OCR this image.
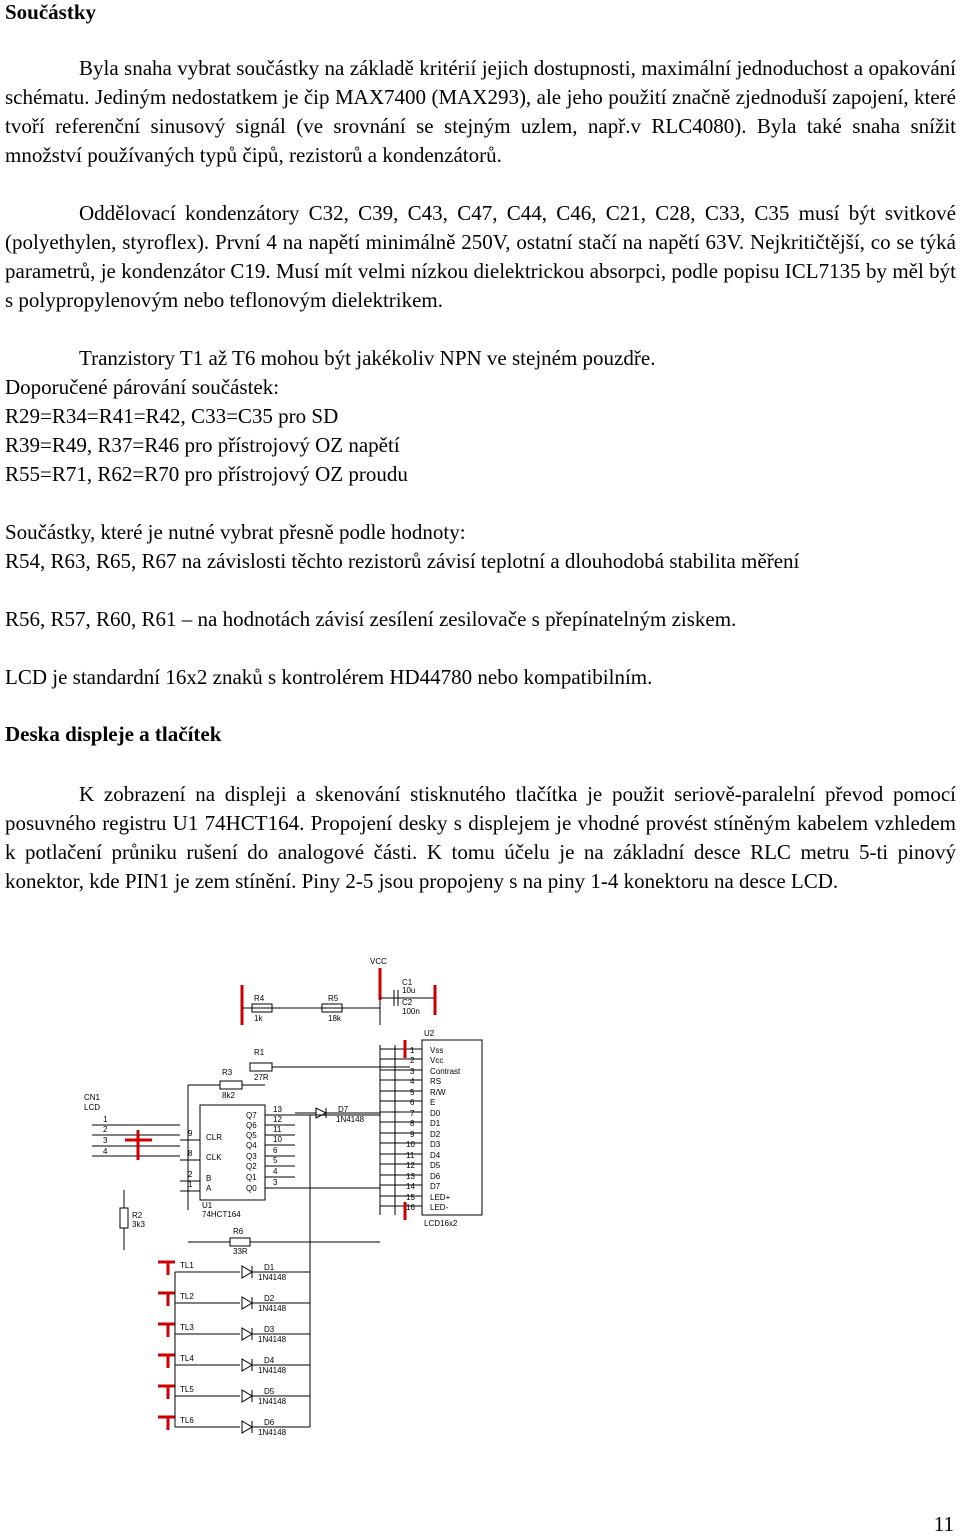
Součástky
Byla snaha vybrat součástky na základě kritérií jejich dostupnosti, maximální jednoduchost a opakování schématu. Jediným nedostatkem je čip MAX7400 (MAX293), ale jeho použití značně zjednoduší zapojení, které tvoří referenční sinusový signál (ve srovnání se stejným uzlem, např.v RLC4080). Byla také snaha snížit množství používaných typů čipů, rezistorů a kondenzátorů.
Oddělovací kondenzátory C32, C39, C43, C47, C44, C46, C21, C28, C33, C35 musí být svitkové (polyethylen, styroflex). První 4 na napětí minimálně 250V, ostatní stačí na napětí 63V. Nejkritičtější, co se týká parametrů, je kondenzátor C19. Musí mít velmi nízkou dielektrickou absorpci, podle popisu ICL7135 by měl být s polypropylenovým nebo teflonovým dielektrikem.
Tranzistory T1 až T6 mohou být jakékoliv NPN ve stejném pouzdře.
Doporučené párování součástek:
R29=R34=R41=R42, C33=C35 pro SD
R39=R49, R37=R46 pro přístrojový OZ napětí
R55=R71, R62=R70 pro přístrojový OZ proudu
Součástky, které je nutné vybrat přesně podle hodnoty:
R54, R63, R65, R67 na závislosti těchto rezistorů závisí teplotní a dlouhodobá stabilita měření
R56, R57, R60, R61 – na hodnotách závisí zesílení zesilovače s přepínatelným ziskem.
LCD je standardní 16x2 znaků s kontrolérem HD44780 nebo kompatibilním.
Deska displeje a tlačítek
K zobrazení na displeji a skenování stisknutého tlačítka je použit seriově-paralelní převod pomocí posuvného registru U1 74HCT164. Propojení desky s displejem je vhodné provést stíněným kabelem vzhledem k potlačení průniku rušení do analogové části. K tomu účelu je na základní desce RLC metru 5-ti pinový konektor, kde PIN1 je zem stínění. Piny 2-5 jsou propojeny s na piny 1-4 konektoru na desce LCD.
VCC
C1
10u
C2
100n
R4
1k
R5
18k
R1
27R
R3
8k2
CN1
LCD
1
2
3
4
U1
74HCT164
CLR
CLK
B
A
9
8
2
1
Q7
Q6
Q5
Q4
Q3
Q2
Q1
Q0
13
12
11
10
6
5
4
3
D7
1N4148
U2
LCD16x2
Vss
Vcc
Contrast
RS
R/W
E
D0
D1
D2
D3
D4
D5
D6
D7
LED+
LED-
1
2
3
4
5
6
7
8
9
10
11
12
13
14
15
16
R2
3k3
R6
33R
TL1	D1
1N4148
TL2	D2
1N4148
TL3	D3
1N4148
TL4	D4
1N4148
TL5	D5
1N4148
TL6	D6
1N4148
11
